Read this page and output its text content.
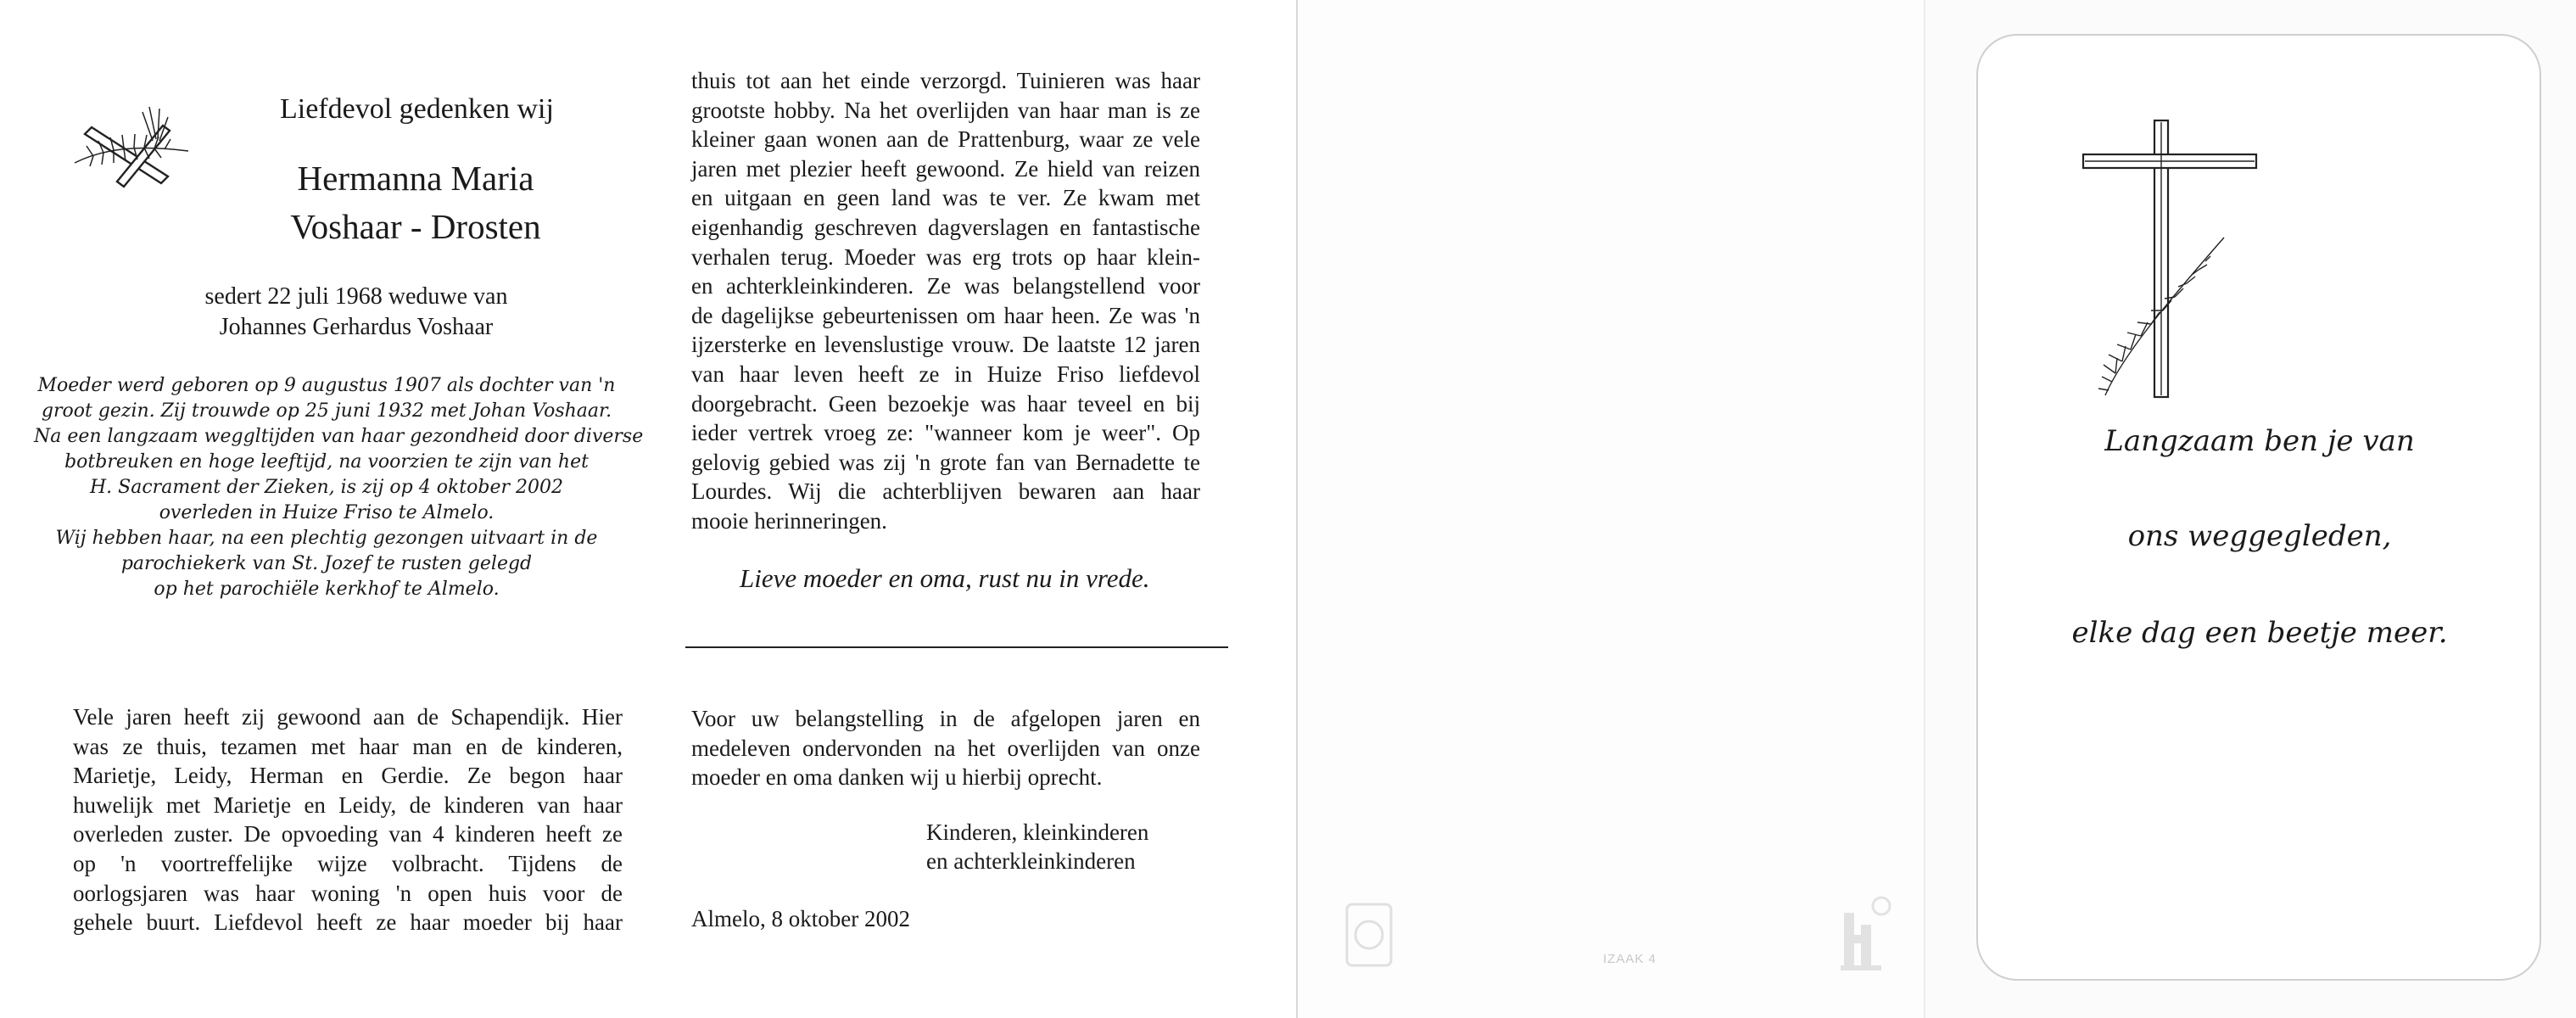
Liefdevol gedenken wij
Hermanna Maria
Voshaar - Drosten
sedert 22 juli 1968 weduwe van
Johannes Gerhardus Voshaar
Moeder werd geboren op 9 augustus 1907 als dochter van 'n
groot gezin. Zij trouwde op 25 juni 1932 met Johan Voshaar.
Na een langzaam weggltijden van haar gezondheid door diverse
botbreuken en hoge leeftijd, na voorzien te zijn van het
H. Sacrament der Zieken, is zij op 4 oktober 2002
overleden in Huize Friso te Almelo.
Wij hebben haar, na een plechtig gezongen uitvaart in de
parochiekerk van St. Jozef te rusten gelegd
op het parochiële kerkhof te Almelo.
Vele jaren heeft zij gewoond aan de Schapendijk. Hier
was ze thuis, tezamen met haar man en de kinderen,
Marietje, Leidy, Herman en Gerdie. Ze begon haar
huwelijk met Marietje en Leidy, de kinderen van haar
overleden zuster. De opvoeding van 4 kinderen heeft ze
op 'n voortreffelijke wijze volbracht. Tijdens de
oorlogsjaren was haar woning 'n open huis voor de
gehele buurt. Liefdevol heeft ze haar moeder bij haar
thuis tot aan het einde verzorgd. Tuinieren was haar
grootste hobby. Na het overlijden van haar man is ze
kleiner gaan wonen aan de Prattenburg, waar ze vele
jaren met plezier heeft gewoond. Ze hield van reizen
en uitgaan en geen land was te ver. Ze kwam met
eigenhandig geschreven dagverslagen en fantastische
verhalen terug. Moeder was erg trots op haar klein-
en achterkleinkinderen. Ze was belangstellend voor
de dagelijkse gebeurtenissen om haar heen. Ze was 'n
ijzersterke en levenslustige vrouw. De laatste 12 jaren
van haar leven heeft ze in Huize Friso liefdevol
doorgebracht. Geen bezoekje was haar teveel en bij
ieder vertrek vroeg ze: "wanneer kom je weer". Op
gelovig gebied was zij 'n grote fan van Bernadette te
Lourdes. Wij die achterblijven bewaren aan haar
mooie herinneringen.
Lieve moeder en oma, rust nu in vrede.
Voor uw belangstelling in de afgelopen jaren en
medeleven ondervonden na het overlijden van onze
moeder en oma danken wij u hierbij oprecht.
Kinderen, kleinkinderen
en achterkleinkinderen
Almelo, 8 oktober 2002
IZAAK 4
Langzaam ben je van
ons weggegleden,
elke dag een beetje meer.
